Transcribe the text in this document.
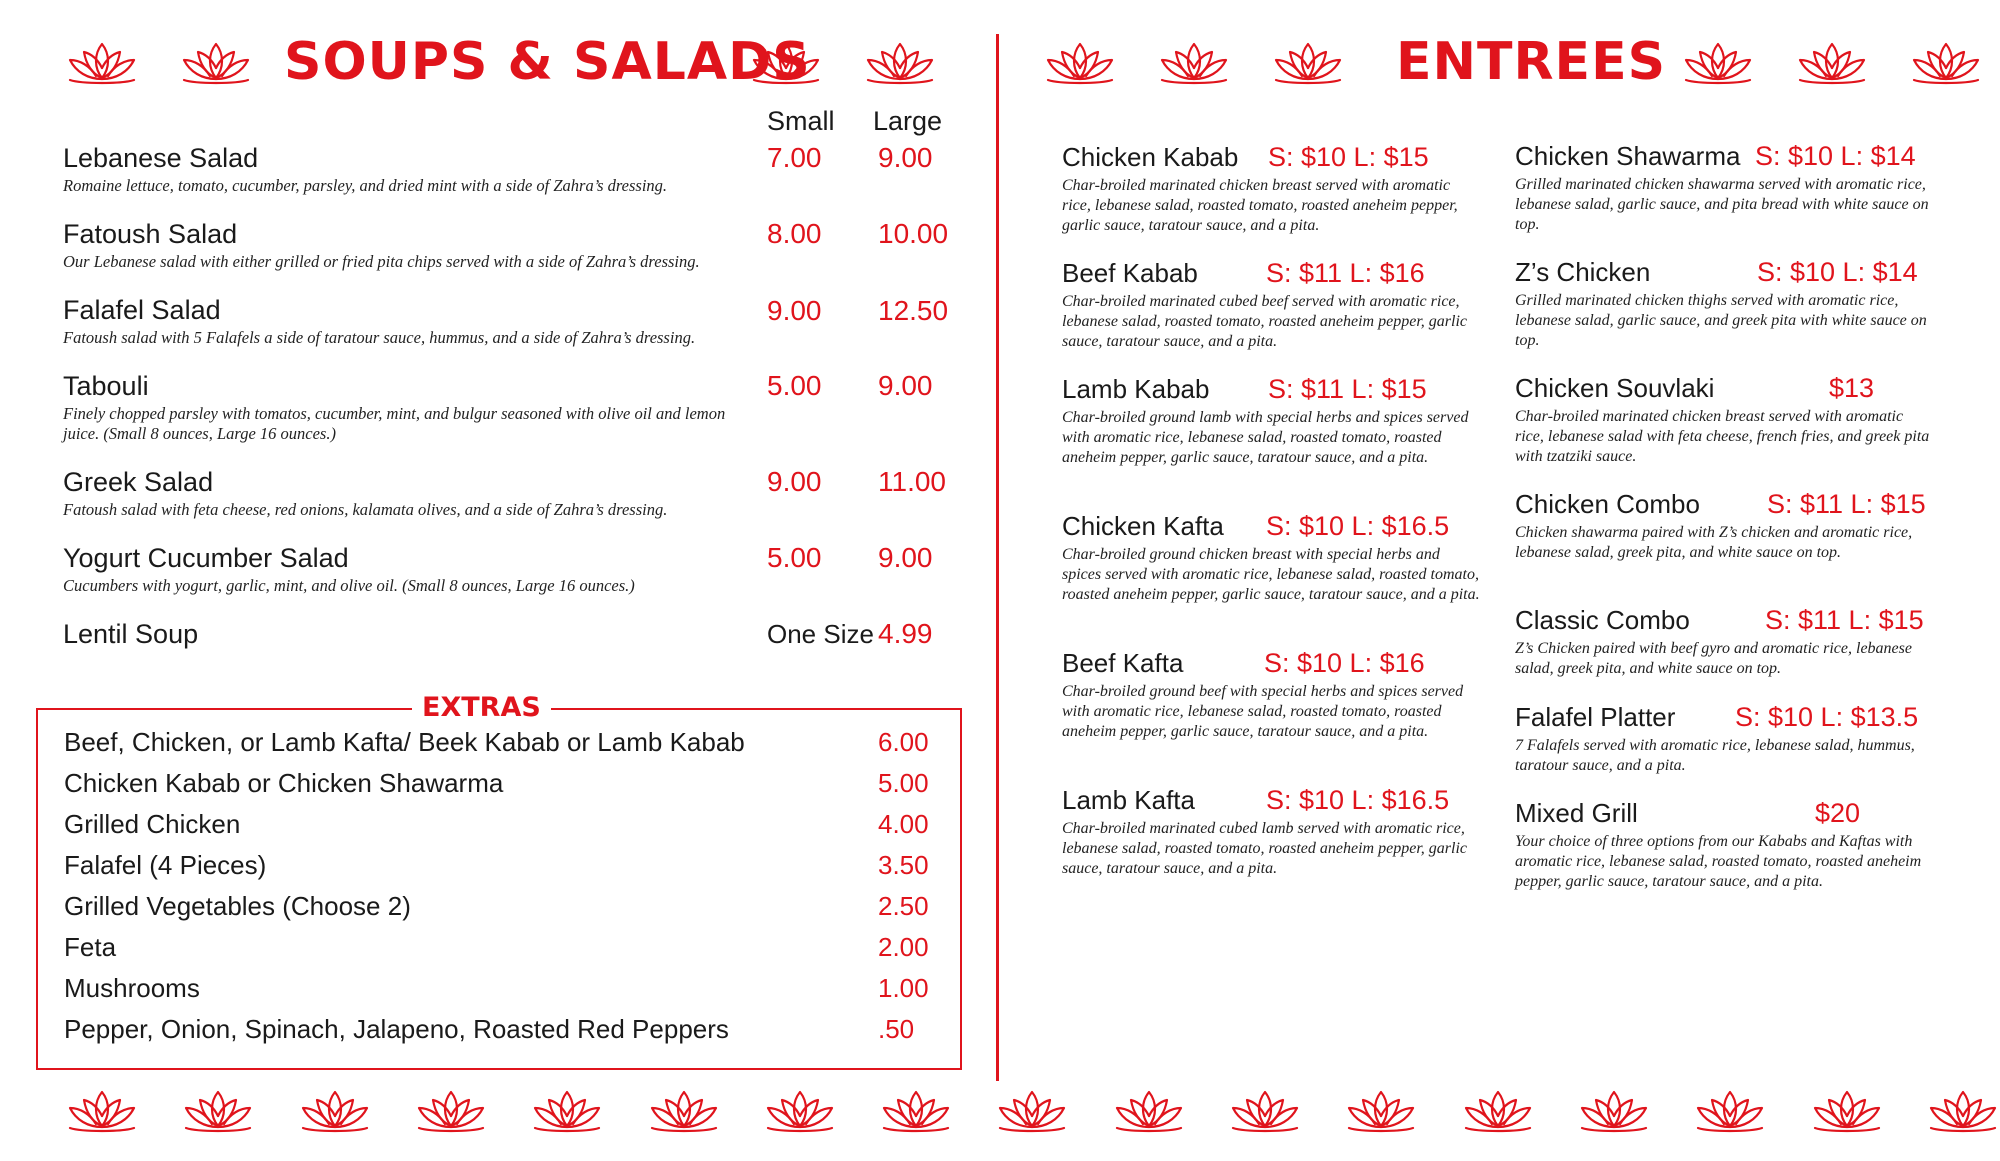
SOUPS & SALADS	ENTREES
Small Large
Lebanese Salad
Romaine lettuce, tomato, cucumber, parsley, and dried mint with a side of Zahra’s dressing.
7.00 9.00
Fatoush Salad
Our Lebanese salad with either grilled or fried pita chips served with a side of Zahra’s dressing.
8.00 10.00
Falafel Salad
Fatoush salad with 5 Falafels a side of taratour sauce, hummus, and a side of Zahra’s dressing.
9.00 12.50
Tabouli
Finely chopped parsley with tomatos, cucumber, mint, and bulgur seasoned with olive oil and lemon juice. (Small 8 ounces, Large 16 ounces.)
5.00 9.00
Greek Salad
Fatoush salad with feta cheese, red onions, kalamata olives, and a side of Zahra’s dressing.
9.00 11.00
Yogurt Cucumber Salad
Cucumbers with yogurt, garlic, mint, and olive oil. (Small 8 ounces, Large 16 ounces.)
5.00 9.00
Lentil Soup	One Size 4.99
EXTRAS
Beef, Chicken, or Lamb Kafta/ Beek Kabab or Lamb Kabab	6.00
Chicken Kabab or Chicken Shawarma	5.00
Grilled Chicken	4.00
Falafel (4 Pieces)	3.50
Grilled Vegetables (Choose 2)	2.50
Feta	2.00
Mushrooms	1.00
Pepper, Onion, Spinach, Jalapeno, Roasted Red Peppers	.50
Chicken Kabab S: $10 L: $15
Char-broiled marinated chicken breast served with aromatic rice, lebanese salad, roasted tomato, roasted aneheim pepper, garlic sauce, taratour sauce, and a pita.
Beef Kabab	S: $11 L: $16
Char-broiled marinated cubed beef served with aromatic rice, lebanese salad, roasted tomato, roasted aneheim pepper, garlic sauce, taratour sauce, and a pita.
Lamb Kabab S: $11 L: $15
Char-broiled ground lamb with special herbs and spices served with aromatic rice, lebanese salad, roasted tomato, roasted aneheim pepper, garlic sauce, taratour sauce, and a pita.
Chicken Kafta S: $10 L: $16.5
Char-broiled ground chicken breast with special herbs and spices served with aromatic rice, lebanese salad, roasted tomato, roasted aneheim pepper, garlic sauce, taratour sauce, and a pita.
Beef Kafta	S: $10 L: $16
Char-broiled ground beef with special herbs and spices served with aromatic rice, lebanese salad, roasted tomato, roasted aneheim pepper, garlic sauce, taratour sauce, and a pita.
Lamb Kafta	S: $10 L: $16.5
Char-broiled marinated cubed lamb served with aromatic rice, lebanese salad, roasted tomato, roasted aneheim pepper, garlic sauce, taratour sauce, and a pita.
Chicken Shawarma S: $10 L: $14
Grilled marinated chicken shawarma served with aromatic rice, lebanese salad, garlic sauce, and pita bread with white sauce on top.
Z’s Chicken	S: $10 L: $14
Grilled marinated chicken thighs served with aromatic rice, lebanese salad, garlic sauce, and greek pita with white sauce on top.
Chicken Souvlaki	$13
Char-broiled marinated chicken breast served with aromatic rice, lebanese salad with feta cheese, french fries, and greek pita with tzatziki sauce.
Chicken Combo S: $11 L: $15
Chicken shawarma paired with Z’s chicken and aromatic rice, lebanese salad, greek pita, and white sauce on top.
Classic Combo	S: $11 L: $15
Z’s Chicken paired with beef gyro and aromatic rice, lebanese salad, greek pita, and white sauce on top.
Falafel Platter S: $10 L: $13.5
7 Falafels served with aromatic rice, lebanese salad, hummus, taratour sauce, and a pita.
Mixed Grill	$20
Your choice of three options from our Kababs and Kaftas with aromatic rice, lebanese salad, roasted tomato, roasted aneheim pepper, garlic sauce, taratour sauce, and a pita.
